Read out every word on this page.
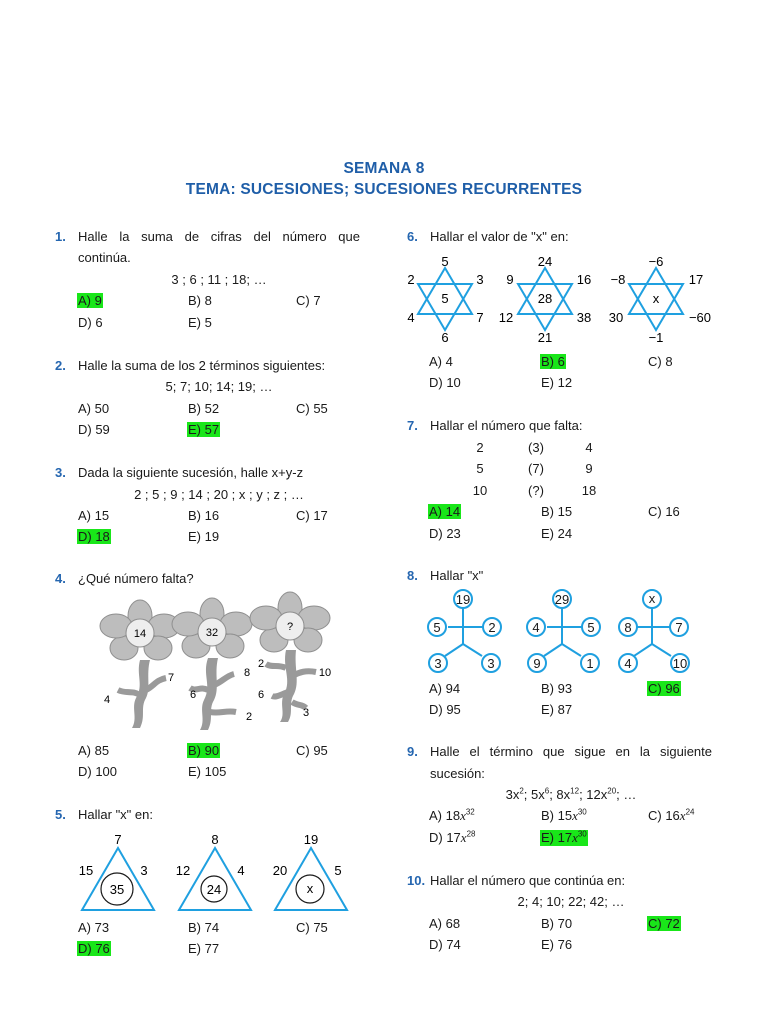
SEMANA 8
TEMA: SUCESIONES; SUCESIONES RECURRENTES
1. Halle la suma de cifras del número que
continúa.
3 ; 6 ; 11 ; 18; …
A) 9	B) 8	C) 7
D) 6	E) 5
2. Halle la suma de los 2 términos siguientes:
5; 7; 10; 14; 19; …
A) 50	B) 52	C) 55
D) 59	E) 57
3. Dada la siguiente sucesión, halle x+y-z
2 ; 5 ; 9 ; 14 ; 20 ; x ; y ; z ; …
A) 15	B) 16	C) 17
D) 18	E) 19
4. ¿Qué número falta?
14
4
7
32
6
8
2
?
2
6
10
3
A) 85	B) 90	C) 95
D) 100	E) 105
5. Hallar "x" en:
35
7
15	3
24
8
12	4
x
19
20	5
A) 73	B) 74	C) 75
D) 76	E) 77
6. Hallar el valor de "x" en:
5
5
2	3
4	7
6
28
24
9	16
12	38
21
x
−6
−8	17
30	−60
−1
A) 4	B) 6	C) 8
D) 10	E) 12
7. Hallar el número que falta:
2	(3)	4
5	(7)	9
10	(?)	18
A) 14	B) 15	C) 16
D) 23	E) 24
8. Hallar "x"
19
5	2
3	3
29
4	5
9	1
x
8	7
4	10
A) 94	B) 93	C) 96
D) 95	E) 87
9. Halle el término que sigue en la siguiente
sucesión:
$3x^2$; $5x^6$; $8x^{12}$; $12x^{20}$; …
A) $18x^{32}$	B) $15x^{30}$	C) $16x^{24}$
D) $17x^{28}$	E) $17x^{30}$
10. Hallar el número que continúa en:
2; 4; 10; 22; 42; …
A) 68	B) 70	C) 72
D) 74	E) 76
